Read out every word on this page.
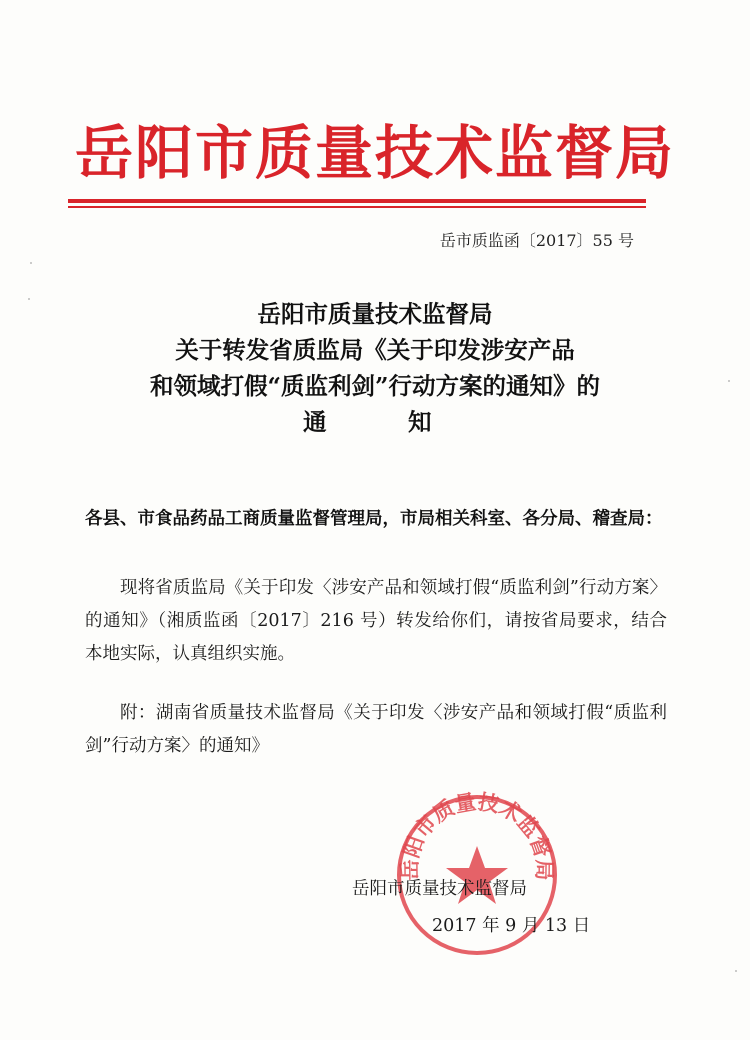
岳阳市质量技术监督局
岳市质监函〔2017〕55 号
岳阳市质量技术监督局
关于转发省质监局《关于印发涉安产品
和领域打假“质监利剑”行动方案的通知》的
通	知
各县、市食品药品工商质量监督管理局，市局相关科室、各分局、稽查局：
现将省质监局《关于印发〈涉安产品和领域打假“质监利剑”行动方案〉的通知》（湘质监函〔2017〕216 号）转发给你们，请按省局要求，结合本地实际，认真组织实施。
附：湖南省质量技术监督局《关于印发〈涉安产品和领域打假“质监利剑”行动方案〉的通知》
岳阳市质量技术监督局
岳阳市质量技术监督局
2017 年 9 月 13 日
